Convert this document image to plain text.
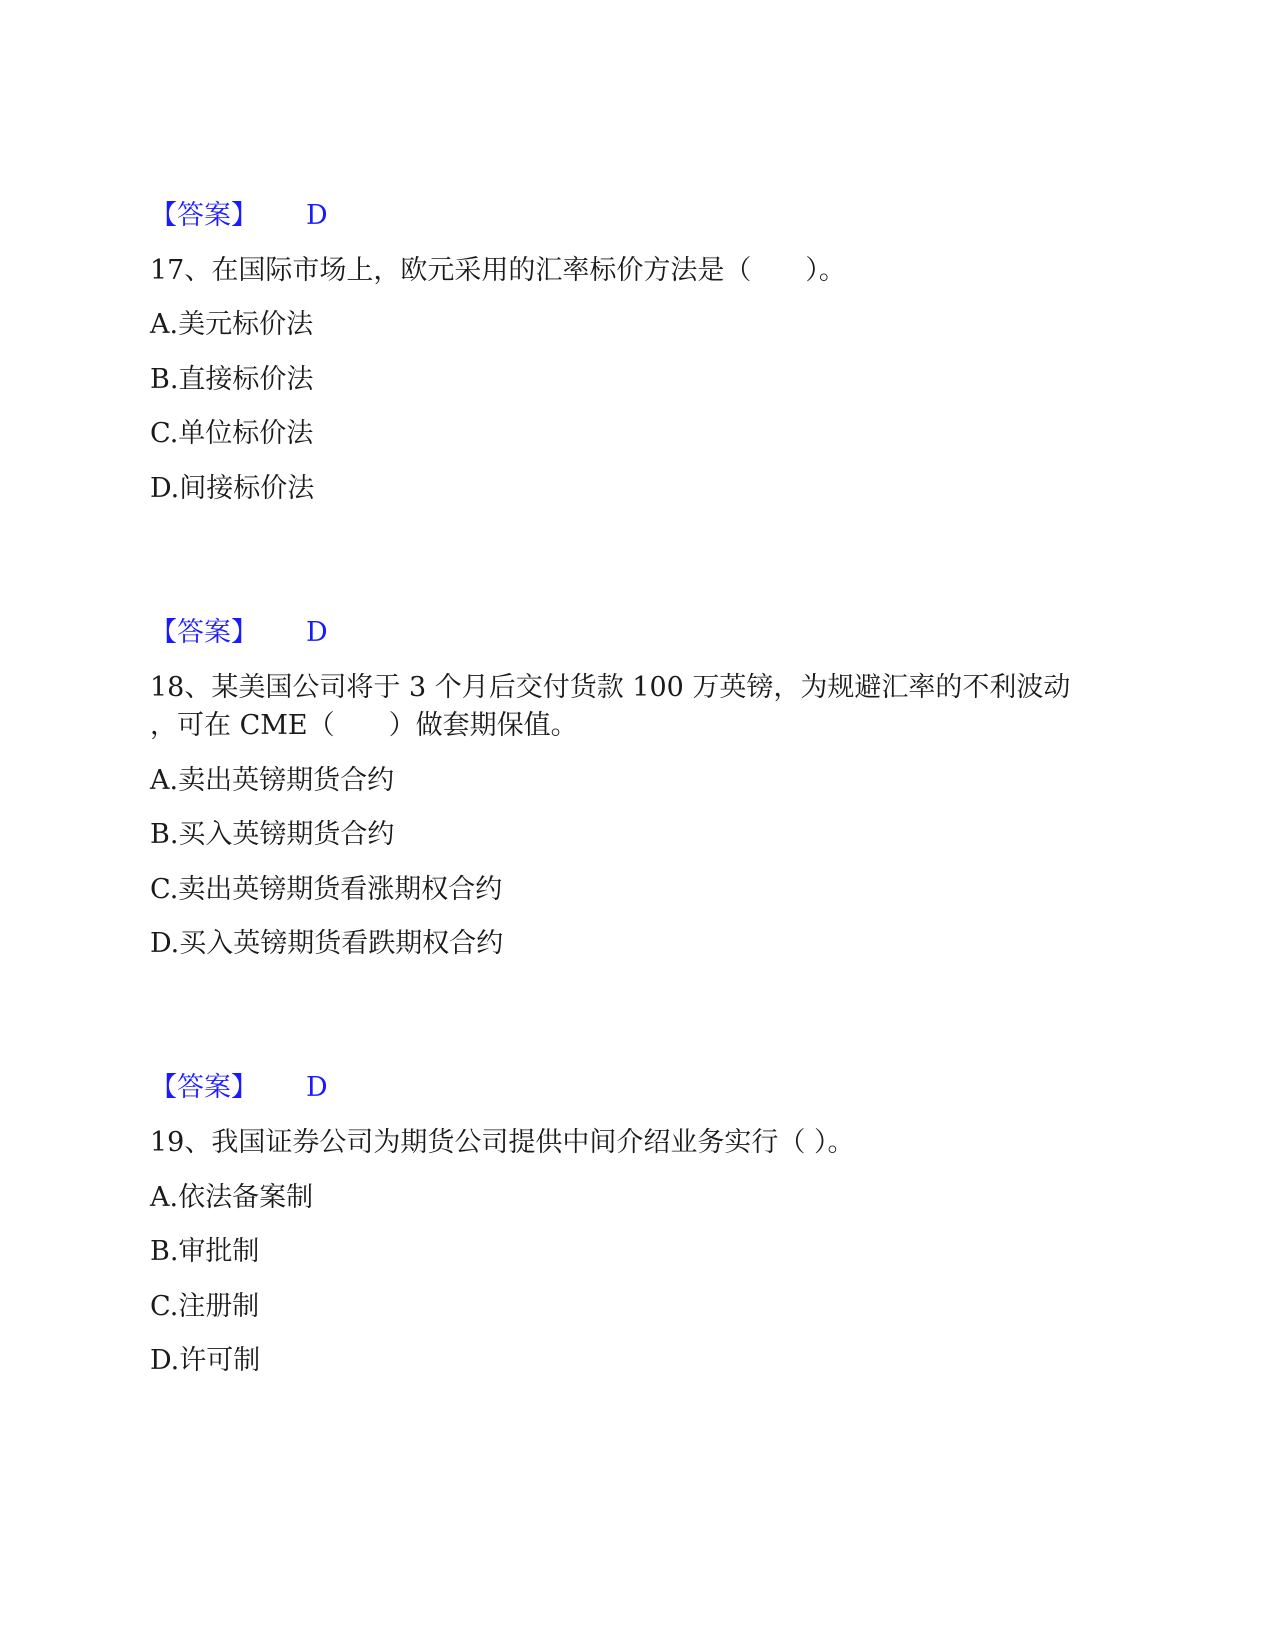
【答案】 D
17、在国际市场上，欧元采用的汇率标价方法是（　　）。
A.美元标价法
B.直接标价法
C.单位标价法
D.间接标价法
【答案】 D
18、某美国公司将于 3 个月后交付货款 100 万英镑，为规避汇率的不利波动
，可在 CME（　　）做套期保值。
A.卖出英镑期货合约
B.买入英镑期货合约
C.卖出英镑期货看涨期权合约
D.买入英镑期货看跌期权合约
【答案】 D
19、我国证券公司为期货公司提供中间介绍业务实行（ ）。
A.依法备案制
B.审批制
C.注册制
D.许可制
